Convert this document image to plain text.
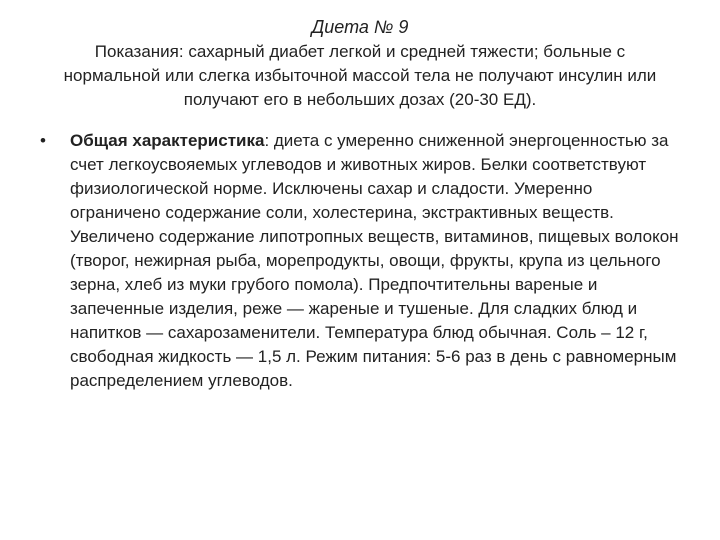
Диета № 9
Показания: сахарный диабет легкой и средней тяжести; больные с нормальной или слегка избыточной массой тела не получают инсулин или получают его в небольших дозах (20-30 ЕД).
• Общая характеристика: диета с умеренно сниженной энергоценностью за счет легкоусвояемых углеводов и животных жиров. Белки соответствуют физиологической норме. Исключены сахар и сладости. Умеренно ограничено содержание соли, холестерина, экстрактивных веществ. Увеличено содержание липотропных веществ, витаминов, пищевых волокон (творог, нежирная рыба, морепродукты, овощи, фрукты, крупа из цельного зерна, хлеб из муки грубого помола). Предпочтительны вареные и запеченные изделия, реже — жареные и тушеные. Для сладких блюд и напитков — сахарозаменители. Температура блюд обычная. Соль – 12 г, свободная жидкость — 1,5 л. Режим питания: 5-6 раз в день с равномерным распределением углеводов.
